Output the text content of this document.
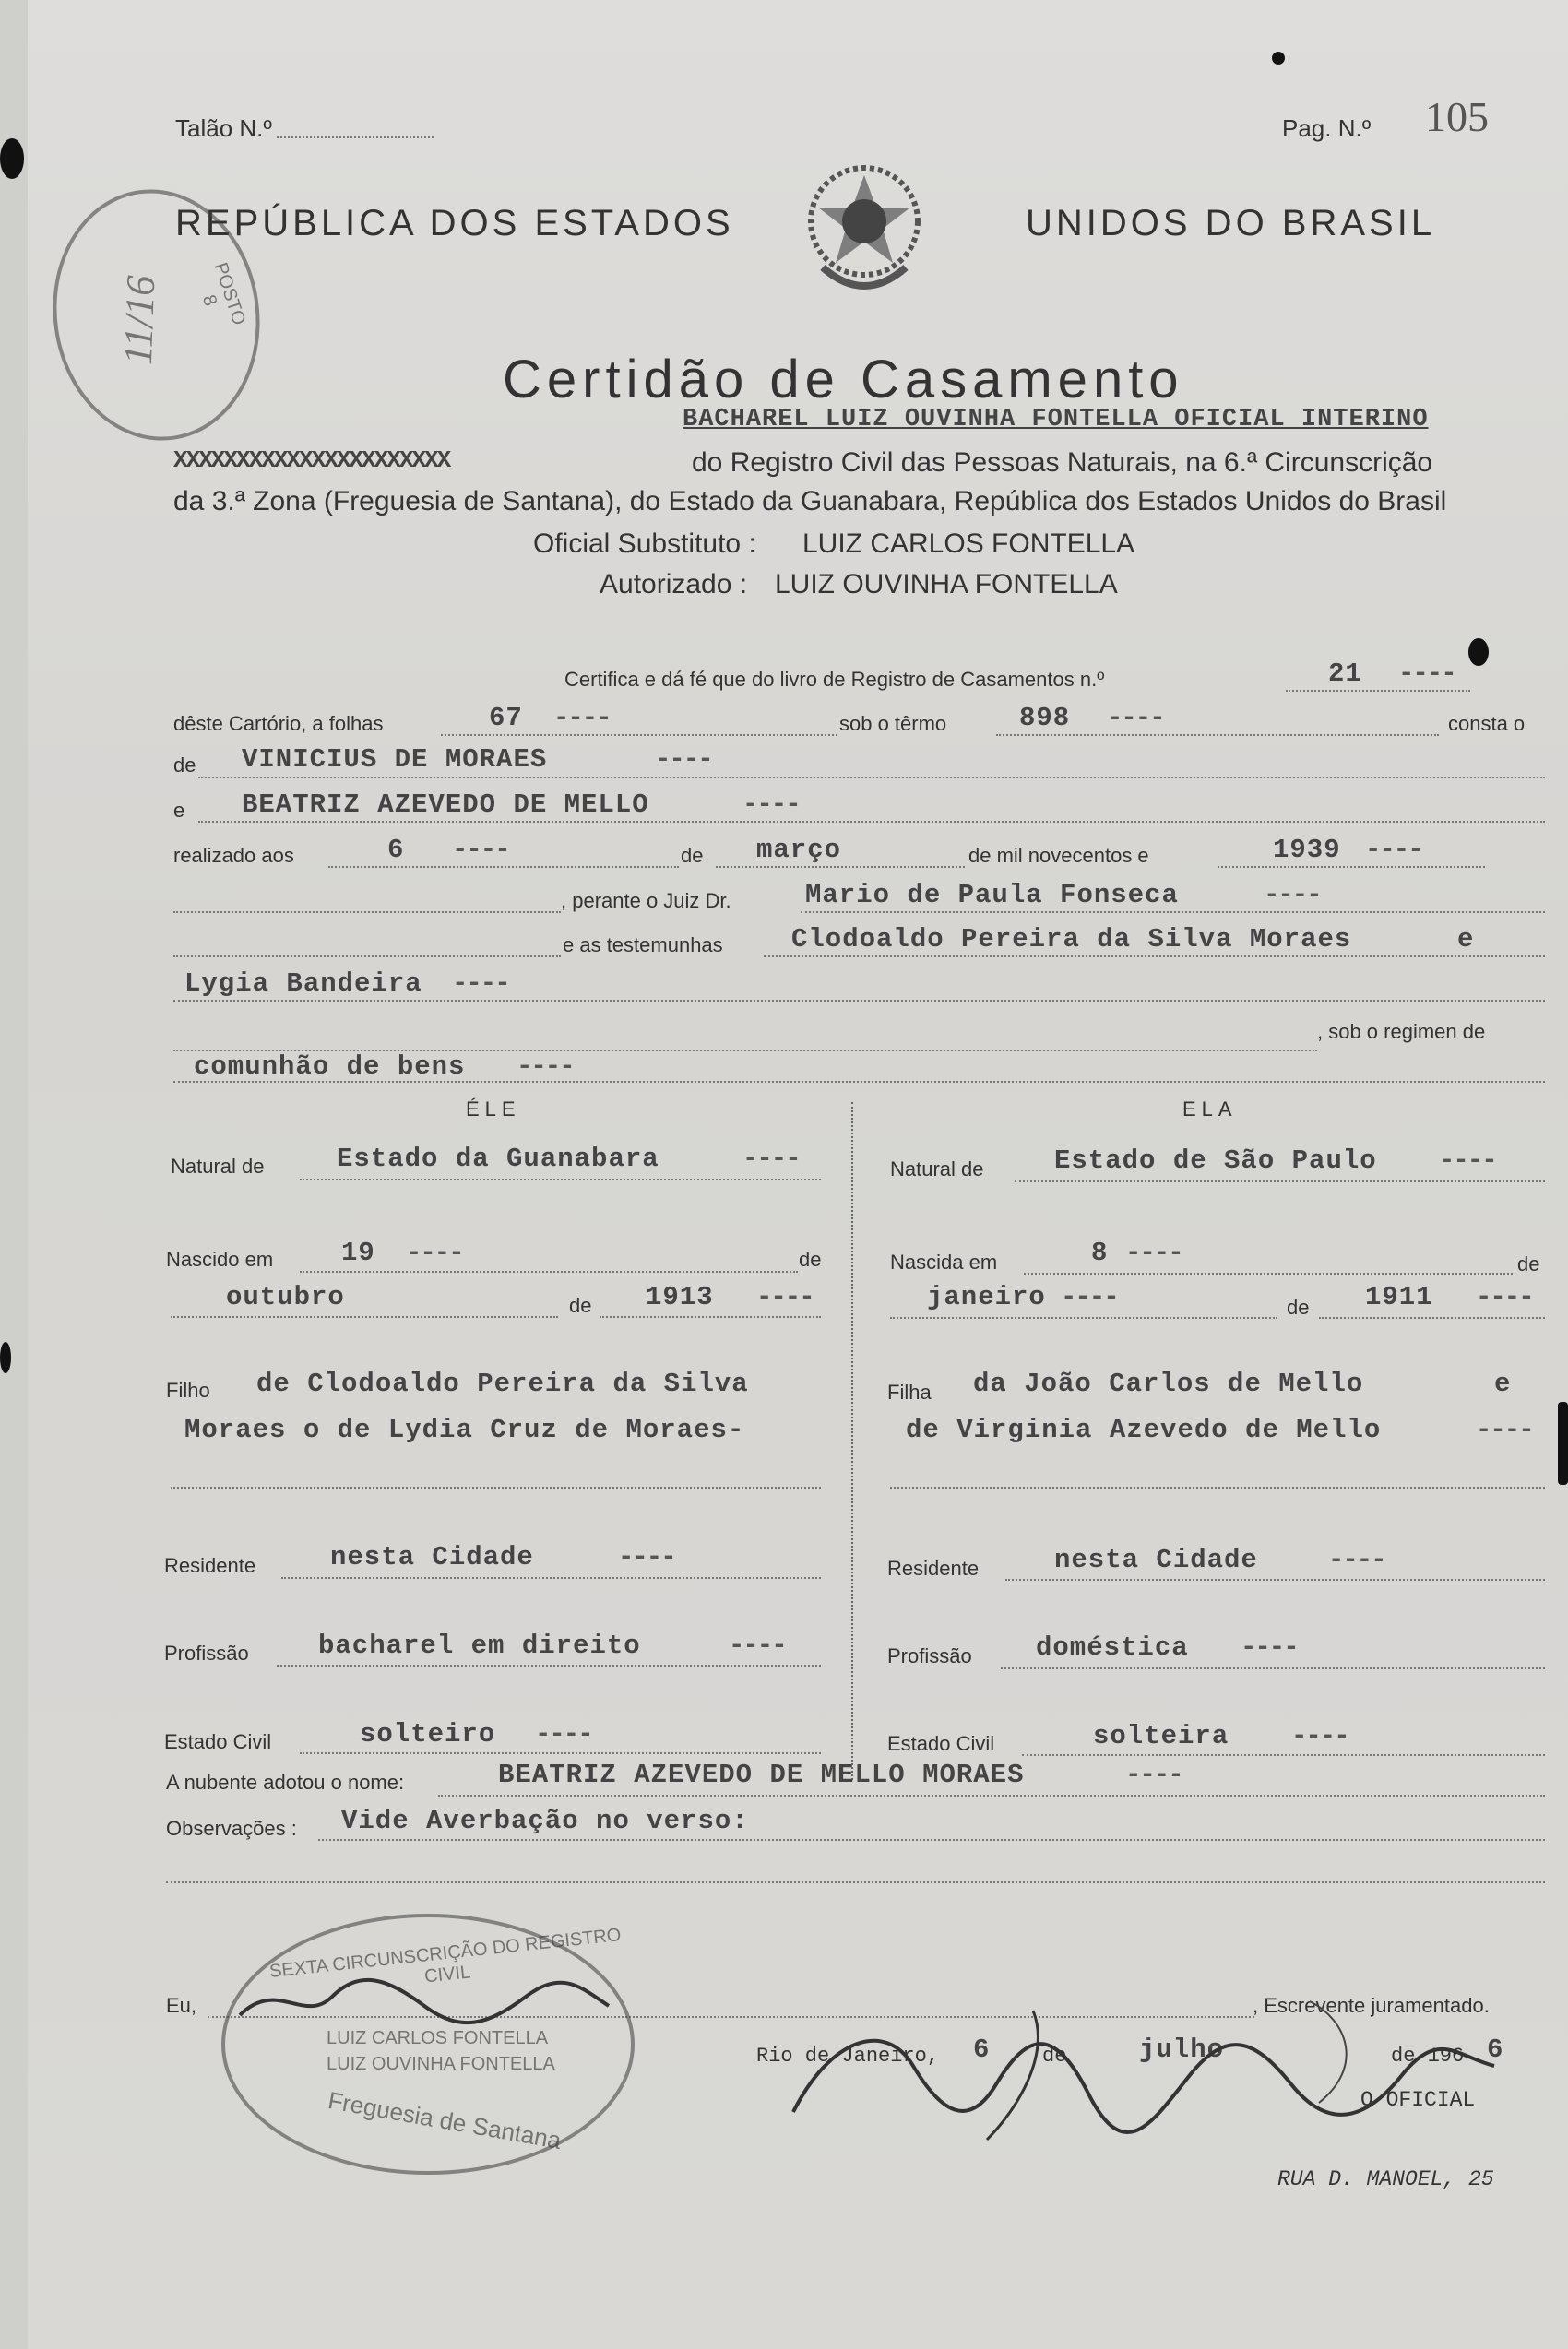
Talão N.º	Pag. N.º 105
REPÚBLICA DOS ESTADOS	UNIDOS DO BRASIL
POSTO 8
11/16
Certidão de Casamento
BACHAREL LUIZ OUVINHA FONTELLA OFICIAL INTERINO
XXXXXXXXXXXXXXXXXXXXXX	do Registro Civil das Pessoas Naturais, na 6.ª Circunscrição
da 3.ª Zona (Freguesia de Santana), do Estado da Guanabara, República dos Estados Unidos do Brasil
Oficial Substituto : LUIZ CARLOS FONTELLA
Autorizado : LUIZ OUVINHA FONTELLA
Certifica e dá fé que do livro de Registro de Casamentos n.º	21 ----
dêste Cartório, a folhas	67 ----	sob o têrmo	898 ----	consta o
de VINICIUS DE MORAES	----
e BEATRIZ AZEVEDO DE MELLO	----
realizado aos	6 ----	de março	de mil novecentos e	1939 ----
, perante o Juiz Dr.	Mario de Paula Fonseca	----
e as testemunhas	Clodoaldo Pereira da Silva Moraes	e
Lygia Bandeira ----
, sob o regimen de
comunhão de bens ----
ÉLE
Natural de	Estado da Guanabara	----
Nascido em	19 ----	de
outubro	de 1913 ----
Filho de Clodoaldo Pereira da Silva
Moraes o de Lydia Cruz de Moraes-
Residente	nesta Cidade	----
Profissão	bacharel em direito	----
Estado Civil	solteiro ----
ELA
Natural de	Estado de São Paulo ----
Nascida em	8 ----	de
janeiro ----	de 1911 ----
Filha da João Carlos de Mello	e
de Virginia Azevedo de Mello	----
Residente	nesta Cidade	----
Profissão doméstica ----
Estado Civil	solteira ----
A nubente adotou o nome:	BEATRIZ AZEVEDO DE MELLO MORAES	----
Observações : Vide Averbação no verso:
Eu,	, Escrevente juramentado.
Rio de Janeiro, 6	de	julho	de 196 6
O OFICIAL
RUA D. MANOEL, 25
SEXTA CIRCUNSCRIÇÃO DO REGISTRO CIVIL
LUIZ CARLOS FONTELLA
LUIZ OUVINHA FONTELLA
Freguesia de Santana
